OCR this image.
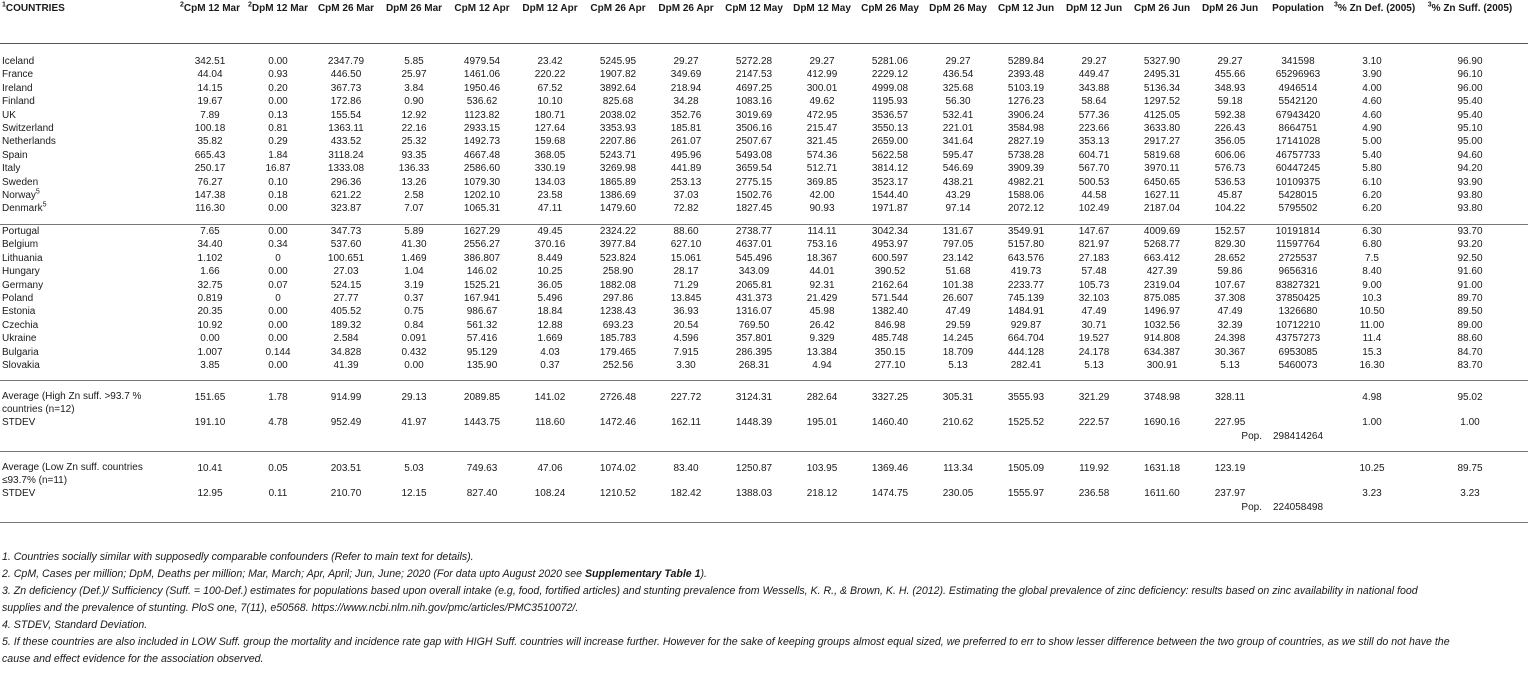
$^1$COUNTRIES	$^2$CpM 12 Mar	$^2$DpM 12 Mar	CpM 26 Mar	DpM 26 Mar	CpM 12 Apr	DpM 12 Apr	CpM 26 Apr	DpM 26 Apr	CpM 12 May	DpM 12 May	CpM 26 May	DpM 26 May	CpM 12 Jun	DpM 12 Jun	CpM 26 Jun	DpM 26 Jun	Population	$^3$% Zn Def. (2005)	$^3$% Zn Suff. (2005)

Iceland	342.51	0.00	2347.79	5.85	4979.54	23.42	5245.95	29.27	5272.28	29.27	5281.06	29.27	5289.84	29.27	5327.90	29.27	341598	3.10	96.90
France	44.04	0.93	446.50	25.97	1461.06	220.22	1907.82	349.69	2147.53	412.99	2229.12	436.54	2393.48	449.47	2495.31	455.66	65296963	3.90	96.10
Ireland	14.15	0.20	367.73	3.84	1950.46	67.52	3892.64	218.94	4697.25	300.01	4999.08	325.68	5103.19	343.88	5136.34	348.93	4946514	4.00	96.00
Finland	19.67	0.00	172.86	0.90	536.62	10.10	825.68	34.28	1083.16	49.62	1195.93	56.30	1276.23	58.64	1297.52	59.18	5542120	4.60	95.40
UK	7.89	0.13	155.54	12.92	1123.82	180.71	2038.02	352.76	3019.69	472.95	3536.57	532.41	3906.24	577.36	4125.05	592.38	67943420	4.60	95.40
Switzerland	100.18	0.81	1363.11	22.16	2933.15	127.64	3353.93	185.81	3506.16	215.47	3550.13	221.01	3584.98	223.66	3633.80	226.43	8664751	4.90	95.10
Netherlands	35.82	0.29	433.52	25.32	1492.73	159.68	2207.86	261.07	2507.67	321.45	2659.00	341.64	2827.19	353.13	2917.27	356.05	17141028	5.00	95.00
Spain	665.43	1.84	3118.24	93.35	4667.48	368.05	5243.71	495.96	5493.08	574.36	5622.58	595.47	5738.28	604.71	5819.68	606.06	46757733	5.40	94.60
Italy	250.17	16.87	1333.08	136.33	2586.60	330.19	3269.98	441.89	3659.54	512.71	3814.12	546.69	3909.39	567.70	3970.11	576.73	60447245	5.80	94.20
Sweden	76.27	0.10	296.36	13.26	1079.30	134.03	1865.89	253.13	2775.15	369.85	3523.17	438.21	4982.21	500.53	6450.65	536.53	10109375	6.10	93.90
Norway$^5$	147.38	0.18	621.22	2.58	1202.10	23.58	1386.69	37.03	1502.76	42.00	1544.40	43.29	1588.06	44.58	1627.11	45.87	5428015	6.20	93.80
Denmark$^5$	116.30	0.00	323.87	7.07	1065.31	47.11	1479.60	72.82	1827.45	90.93	1971.87	97.14	2072.12	102.49	2187.04	104.22	5795502	6.20	93.80

Portugal	7.65	0.00	347.73	5.89	1627.29	49.45	2324.22	88.60	2738.77	114.11	3042.34	131.67	3549.91	147.67	4009.69	152.57	10191814	6.30	93.70
Belgium	34.40	0.34	537.60	41.30	2556.27	370.16	3977.84	627.10	4637.01	753.16	4953.97	797.05	5157.80	821.97	5268.77	829.30	11597764	6.80	93.20
Lithuania	1.102	0	100.651	1.469	386.807	8.449	523.824	15.061	545.496	18.367	600.597	23.142	643.576	27.183	663.412	28.652	2725537	7.5	92.50
Hungary	1.66	0.00	27.03	1.04	146.02	10.25	258.90	28.17	343.09	44.01	390.52	51.68	419.73	57.48	427.39	59.86	9656316	8.40	91.60
Germany	32.75	0.07	524.15	3.19	1525.21	36.05	1882.08	71.29	2065.81	92.31	2162.64	101.38	2233.77	105.73	2319.04	107.67	83827321	9.00	91.00
Poland	0.819	0	27.77	0.37	167.941	5.496	297.86	13.845	431.373	21.429	571.544	26.607	745.139	32.103	875.085	37.308	37850425	10.3	89.70
Estonia	20.35	0.00	405.52	0.75	986.67	18.84	1238.43	36.93	1316.07	45.98	1382.40	47.49	1484.91	47.49	1496.97	47.49	1326680	10.50	89.50
Czechia	10.92	0.00	189.32	0.84	561.32	12.88	693.23	20.54	769.50	26.42	846.98	29.59	929.87	30.71	1032.56	32.39	10712210	11.00	89.00
Ukraine	0.00	0.00	2.584	0.091	57.416	1.669	185.783	4.596	357.801	9.329	485.748	14.245	664.704	19.527	914.808	24.398	43757273	11.4	88.60
Bulgaria	1.007	0.144	34.828	0.432	95.129	4.03	179.465	7.915	286.395	13.384	350.15	18.709	444.128	24.178	634.387	30.367	6953085	15.3	84.70
Slovakia	3.85	0.00	41.39	0.00	135.90	0.37	252.56	3.30	268.31	4.94	277.10	5.13	282.41	5.13	300.91	5.13	5460073	16.30	83.70

Average (High Zn suff. >93.7 % countries (n=12)	151.65	1.78	914.99	29.13	2089.85	141.02	2726.48	227.72	3124.31	282.64	3327.25	305.31	3555.93	321.29	3748.98	328.11		4.98	95.02
STDEV	191.10	4.78	952.49	41.97	1443.75	118.60	1472.46	162.11	1448.39	195.01	1460.40	210.62	1525.52	222.57	1690.16	227.95		1.00	1.00
																Pop.	298414264		

Average (Low Zn suff. countries ≤93.7% (n=11)	10.41	0.05	203.51	5.03	749.63	47.06	1074.02	83.40	1250.87	103.95	1369.46	113.34	1505.09	119.92	1631.18	123.19		10.25	89.75
STDEV	12.95	0.11	210.70	12.15	827.40	108.24	1210.52	182.42	1388.03	218.12	1474.75	230.05	1555.97	236.58	1611.60	237.97		3.23	3.23
																Pop.	224058498		

1. Countries socially similar with supposedly comparable confounders (Refer to main text for details).

2. CpM, Cases per million; DpM, Deaths per million; Mar, March; Apr, April; Jun, June; 2020 (For data upto August 2020 see Supplementary Table 1).

3. Zn deficiency (Def.)/ Sufficiency (Suff. = 100-Def.) estimates for populations based upon overall intake (e.g, food, fortified articles) and stunting prevalence from Wessells, K. R., & Brown, K. H. (2012). Estimating the global prevalence of zinc deficiency: results based on zinc availability in national food supplies and the prevalence of stunting. PloS one, 7(11), e50568. https://www.ncbi.nlm.nih.gov/pmc/articles/PMC3510072/.

4. STDEV, Standard Deviation.

5. If these countries are also included in LOW Suff. group the mortality and incidence rate gap with HIGH Suff. countries will increase further. However for the sake of keeping groups almost equal sized, we preferred to err to show lesser difference between the two group of countries, as we still do not have the cause and effect evidence for the association observed.
